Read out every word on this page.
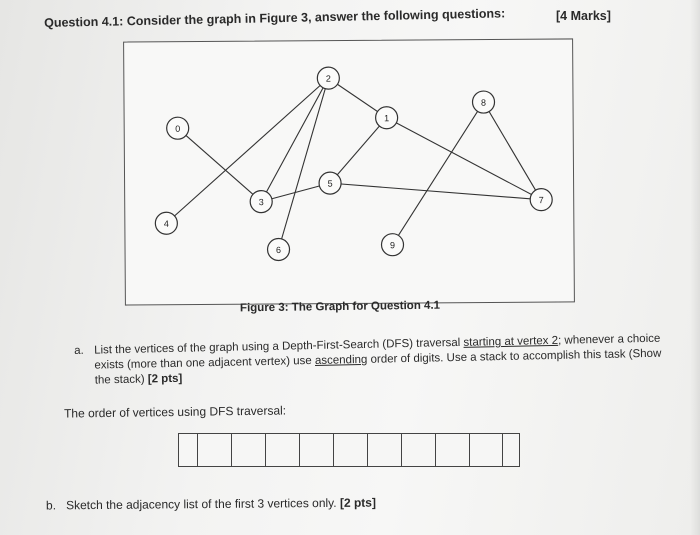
Question 4.1: Consider the graph in Figure 3, answer the following questions:	[4 Marks]
0
2
8
1
3
5
7
4
6	9
Figure 3: The Graph for Question 4.1
a. List the vertices of the graph using a Depth-First-Search (DFS) traversal starting at vertex 2; whenever a choice exists (more than one adjacent vertex) use ascending order of digits. Use a stack to accomplish this task (Show the stack) [2 pts]
The order of vertices using DFS traversal:
b. Sketch the adjacency list of the first 3 vertices only. [2 pts]
